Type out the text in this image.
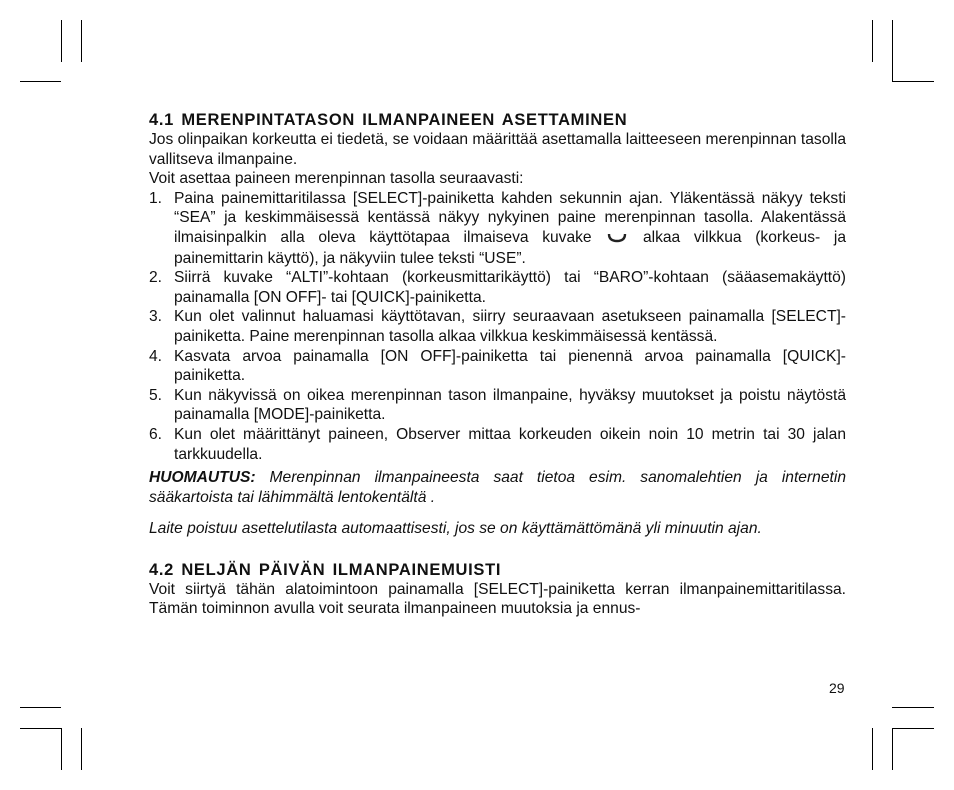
4.1 MERENPINTATASON ILMANPAINEEN ASETTAMINEN

Jos olinpaikan korkeutta ei tiedetä, se voidaan määrittää asettamalla laitteeseen merenpinnan tasolla vallitseva ilmanpaine.

Voit asettaa paineen merenpinnan tasolla seuraavasti:

1. Paina painemittaritilassa [SELECT]-painiketta kahden sekunnin ajan. Yläkentässä näkyy teksti “SEA” ja keskimmäisessä kentässä näkyy nykyinen paine merenpinnan tasolla. Alakentässä ilmaisinpalkin alla oleva käyttötapaa ilmaiseva kuvake	alkaa vilkkua (korkeus- ja painemittarin käyttö), ja näkyviin tulee teksti “USE”.
2. Siirrä kuvake “ALTI”-kohtaan (korkeusmittarikäyttö) tai “BARO”-kohtaan (sääasemakäyttö) painamalla [ON OFF]- tai [QUICK]-painiketta.
3. Kun olet valinnut haluamasi käyttötavan, siirry seuraavaan asetukseen painamalla [SELECT]-painiketta. Paine merenpinnan tasolla alkaa vilkkua keskimmäisessä kentässä.
4. Kasvata arvoa painamalla [ON OFF]-painiketta tai pienennä arvoa painamalla [QUICK]-painiketta.
5. Kun näkyvissä on oikea merenpinnan tason ilmanpaine, hyväksy muutokset ja poistu näytöstä painamalla [MODE]-painiketta.
6. Kun olet määrittänyt paineen, Observer mittaa korkeuden oikein noin 10 metrin tai 30 jalan tarkkuudella.

HUOMAUTUS: Merenpinnan ilmanpaineesta saat tietoa esim. sanomalehtien ja internetin sääkartoista tai lähimmältä lentokentältä .

Laite poistuu asettelutilasta automaattisesti, jos se on käyttämättömänä yli minuutin ajan.

4.2 NELJÄN PÄIVÄN ILMANPAINEMUISTI

Voit siirtyä tähän alatoimintoon painamalla [SELECT]-painiketta kerran ilmanpainemittaritilassa. Tämän toiminnon avulla voit seurata ilmanpaineen muutoksia ja ennus-

29
